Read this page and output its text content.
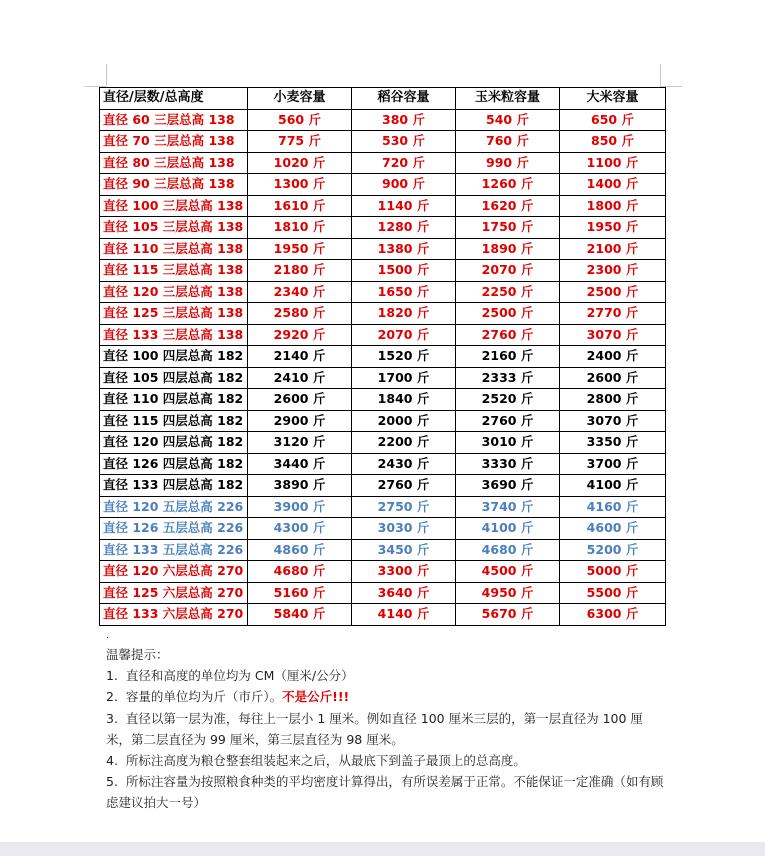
直径/层数/总高度	小麦容量	稻谷容量	玉米粒容量	大米容量
直径 60 三层总高 138	560 斤	380 斤	540 斤	650 斤
直径 70 三层总高 138	775 斤	530 斤	760 斤	850 斤
直径 80 三层总高 138	1020 斤	720 斤	990 斤	1100 斤
直径 90 三层总高 138	1300 斤	900 斤	1260 斤	1400 斤
直径 100 三层总高 138	1610 斤	1140 斤	1620 斤	1800 斤
直径 105 三层总高 138	1810 斤	1280 斤	1750 斤	1950 斤
直径 110 三层总高 138	1950 斤	1380 斤	1890 斤	2100 斤
直径 115 三层总高 138	2180 斤	1500 斤	2070 斤	2300 斤
直径 120 三层总高 138	2340 斤	1650 斤	2250 斤	2500 斤
直径 125 三层总高 138	2580 斤	1820 斤	2500 斤	2770 斤
直径 133 三层总高 138	2920 斤	2070 斤	2760 斤	3070 斤
直径 100 四层总高 182	2140 斤	1520 斤	2160 斤	2400 斤
直径 105 四层总高 182	2410 斤	1700 斤	2333 斤	2600 斤
直径 110 四层总高 182	2600 斤	1840 斤	2520 斤	2800 斤
直径 115 四层总高 182	2900 斤	2000 斤	2760 斤	3070 斤
直径 120 四层总高 182	3120 斤	2200 斤	3010 斤	3350 斤
直径 126 四层总高 182	3440 斤	2430 斤	3330 斤	3700 斤
直径 133 四层总高 182	3890 斤	2760 斤	3690 斤	4100 斤
直径 120 五层总高 226	3900 斤	2750 斤	3740 斤	4160 斤
直径 126 五层总高 226	4300 斤	3030 斤	4100 斤	4600 斤
直径 133 五层总高 226	4860 斤	3450 斤	4680 斤	5200 斤
直径 120 六层总高 270	4680 斤	3300 斤	4500 斤	5000 斤
直径 125 六层总高 270	5160 斤	3640 斤	4950 斤	5500 斤
直径 133 六层总高 270	5840 斤	4140 斤	5670 斤	6300 斤
.
温馨提示：
1. 直径和高度的单位均为 CM（厘米/公分）
2. 容量的单位均为斤（市斤）。不是公斤!!!
3. 直径以第一层为准，每往上一层小 1 厘米。例如直径 100 厘米三层的，第一层直径为 100 厘米，第二层直径为 99 厘米，第三层直径为 98 厘米。
4. 所标注高度为粮仓整套组装起来之后，从最底下到盖子最顶上的总高度。
5. 所标注容量为按照粮食种类的平均密度计算得出，有所误差属于正常。不能保证一定准确（如有顾虑建议拍大一号）
